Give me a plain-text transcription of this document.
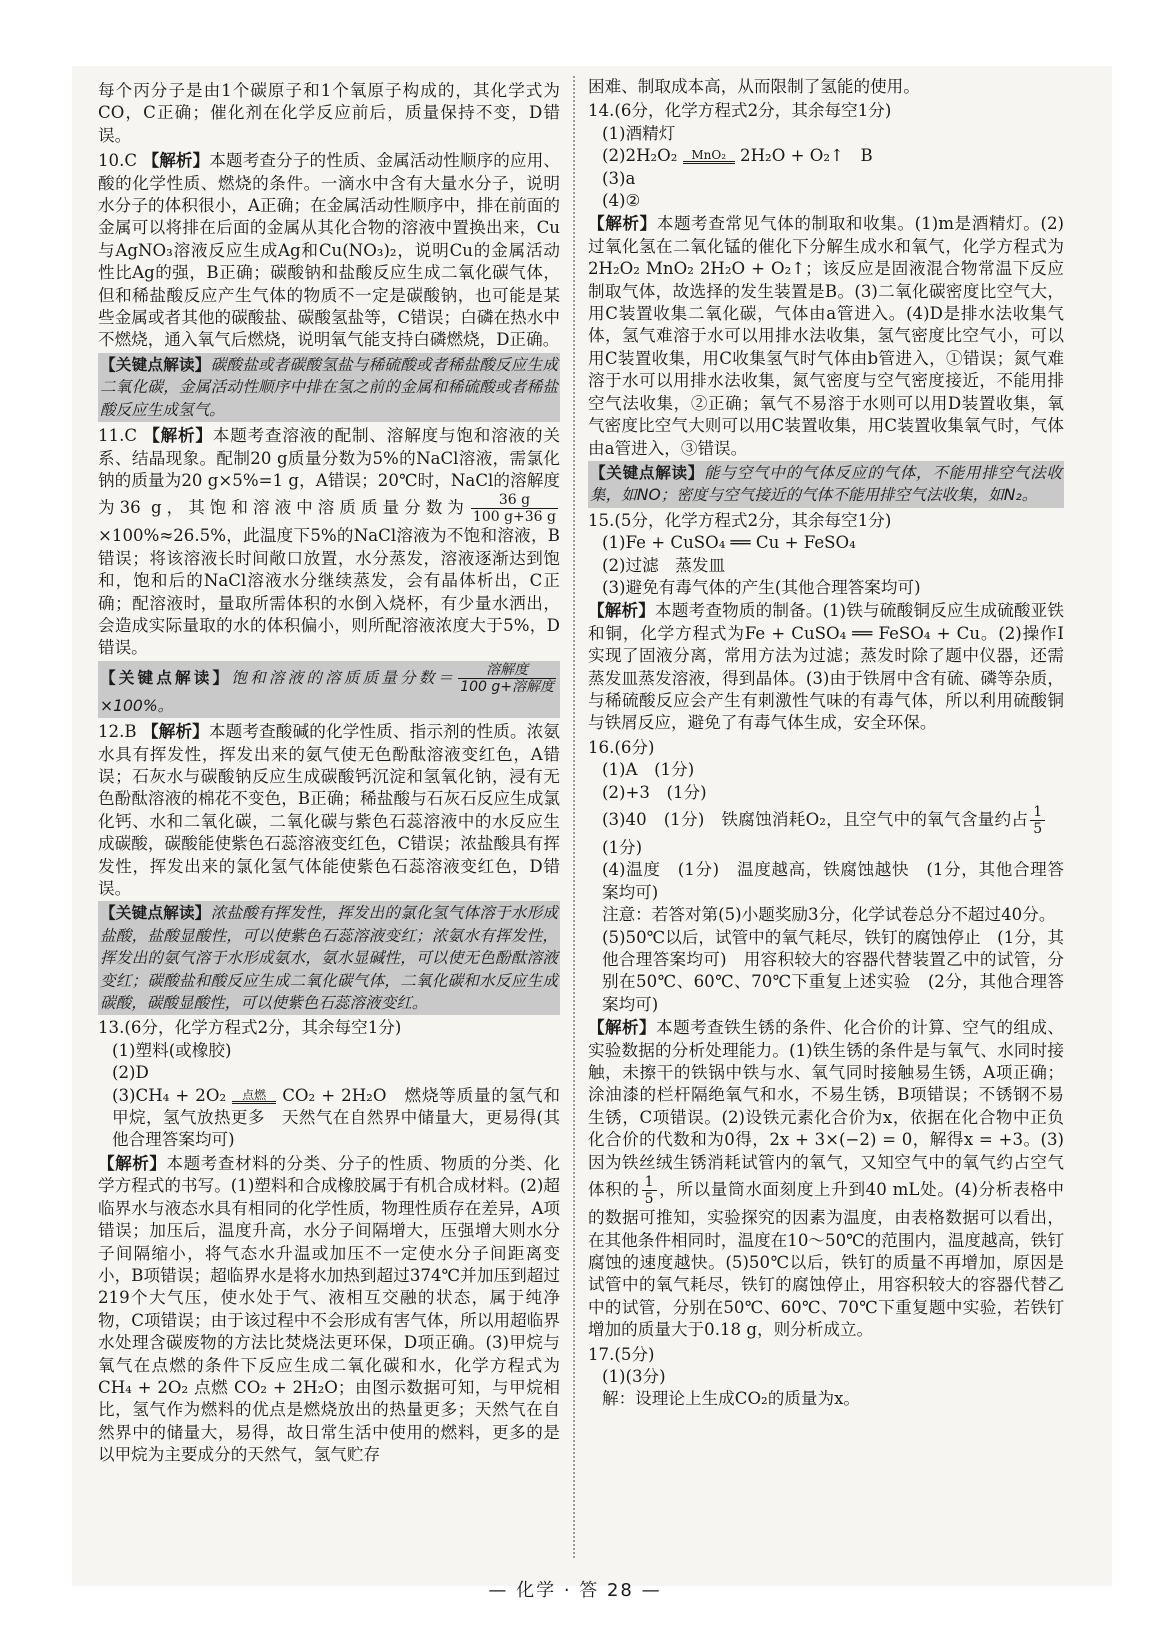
每个丙分子是由1个碳原子和1个氧原子构成的，其化学式为CO，C正确；催化剂在化学反应前后，质量保持不变，D错误。
10.C 【解析】本题考查分子的性质、金属活动性顺序的应用、酸的化学性质、燃烧的条件。一滴水中含有大量水分子，说明水分子的体积很小，A正确；在金属活动性顺序中，排在前面的金属可以将排在后面的金属从其化合物的溶液中置换出来，Cu与AgNO₃溶液反应生成Ag和Cu(NO₃)₂，说明Cu的金属活动性比Ag的强，B正确；碳酸钠和盐酸反应生成二氧化碳气体，但和稀盐酸反应产生气体的物质不一定是碳酸钠，也可能是某些金属或者其他的碳酸盐、碳酸氢盐等，C错误；白磷在热水中不燃烧，通入氧气后燃烧，说明氧气能支持白磷燃烧，D正确。
【关键点解读】碳酸盐或者碳酸氢盐与稀硫酸或者稀盐酸反应生成二氧化碳，金属活动性顺序中排在氢之前的金属和稀硫酸或者稀盐酸反应生成氢气。
11.C 【解析】本题考查溶液的配制、溶解度与饱和溶液的关系、结晶现象。配制20 g质量分数为5%的NaCl溶液，需氯化钠的质量为20 g×5%=1 g，A错误；20℃时，NaCl的溶解度为36 g，其饱和溶液中溶质质量分数为 $\frac{36 g}{100 g+36 g}$
×100%≈26.5%，此温度下5%的NaCl溶液为不饱和溶液，B错误；将该溶液长时间敞口放置，水分蒸发，溶液逐渐达到饱和，饱和后的NaCl溶液水分继续蒸发，会有晶体析出，C正确；配溶液时，量取所需体积的水倒入烧杯，有少量水洒出，会造成实际量取的水的体积偏小，则所配溶液浓度大于5%，D错误。
【关键点解读】饱和溶液的溶质质量分数＝	溶解度
100 g+溶解度
×100%。
12.B 【解析】本题考查酸碱的化学性质、指示剂的性质。浓氨水具有挥发性，挥发出来的氨气使无色酚酞溶液变红色，A错误；石灰水与碳酸钠反应生成碳酸钙沉淀和氢氧化钠，浸有无色酚酞溶液的棉花不变色，B正确；稀盐酸与石灰石反应生成氯化钙、水和二氧化碳，二氧化碳与紫色石蕊溶液中的水反应生成碳酸，碳酸能使紫色石蕊溶液变红色，C错误；浓盐酸具有挥发性，挥发出来的氯化氢气体能使紫色石蕊溶液变红色，D错误。
【关键点解读】浓盐酸有挥发性，挥发出的氯化氢气体溶于水形成盐酸，盐酸显酸性，可以使紫色石蕊溶液变红；浓氨水有挥发性，挥发出的氨气溶于水形成氨水，氨水显碱性，可以使无色酚酞溶液变红；碳酸盐和酸反应生成二氧化碳气体，二氧化碳和水反应生成碳酸，碳酸显酸性，可以使紫色石蕊溶液变红。
13.(6分，化学方程式2分，其余每空1分)
(1)塑料(或橡胶)
(2)D
(3)CH₄ + 2O₂	点燃 CO₂ + 2H₂O　燃烧等质量的氢气和甲烷，氢气放热更多　天然气在自然界中储量大，更易得(其他合理答案均可)
【解析】本题考查材料的分类、分子的性质、物质的分类、化学方程式的书写。(1)塑料和合成橡胶属于有机合成材料。(2)超临界水与液态水具有相同的化学性质，物理性质存在差异，A项错误；加压后，温度升高，水分子间隔增大，压强增大则水分子间隔缩小，将气态水升温或加压不一定使水分子间距离变小，B项错误；超临界水是将水加热到超过374℃并加压到超过219个大气压，使水处于气、液相互交融的状态，属于纯净物，C项错误；由于该过程中不会形成有害气体，所以用超临界水处理含碳废物的方法比焚烧法更环保，D项正确。(3)甲烷与氧气在点燃的条件下反应生成二氧化碳和水，化学方程式为CH₄ + 2O₂ 点燃 CO₂ + 2H₂O；由图示数据可知，与甲烷相比，氢气作为燃料的优点是燃烧放出的热量更多；天然气在自然界中的储量大，易得，故日常生活中使用的燃料，更多的是以甲烷为主要成分的天然气，氢气贮存
困难、制取成本高，从而限制了氢能的使用。
14.(6分，化学方程式2分，其余每空1分)
(1)酒精灯
(2)2H₂O₂	MnO₂ 2H₂O + O₂↑　B
(3)a
(4)②
【解析】本题考查常见气体的制取和收集。(1)m是酒精灯。(2)过氧化氢在二氧化锰的催化下分解生成水和氧气，化学方程式为2H₂O₂ MnO₂ 2H₂O + O₂↑；该反应是固液混合物常温下反应制取气体，故选择的发生装置是B。(3)二氧化碳密度比空气大，用C装置收集二氧化碳，气体由a管进入。(4)D是排水法收集气体，氢气难溶于水可以用排水法收集，氢气密度比空气小，可以用C装置收集，用C收集氢气时气体由b管进入，①错误；氮气难溶于水可以用排水法收集，氮气密度与空气密度接近，不能用排空气法收集，②正确；氧气不易溶于水则可以用D装置收集，氧气密度比空气大则可以用C装置收集，用C装置收集氧气时，气体由a管进入，③错误。
【关键点解读】能与空气中的气体反应的气体，不能用排空气法收集，如NO；密度与空气接近的气体不能用排空气法收集，如N₂。
15.(5分，化学方程式2分，其余每空1分)
(1)Fe + CuSO₄ ══ Cu + FeSO₄
(2)过滤　蒸发皿
(3)避免有毒气体的产生(其他合理答案均可)
【解析】本题考查物质的制备。(1)铁与硫酸铜反应生成硫酸亚铁和铜，化学方程式为Fe + CuSO₄ ══ FeSO₄ + Cu。(2)操作Ⅰ实现了固液分离，常用方法为过滤；蒸发时除了题中仪器，还需蒸发皿蒸发溶液，得到晶体。(3)由于铁屑中含有硫、磷等杂质，与稀硫酸反应会产生有刺激性气味的有毒气体，所以利用硫酸铜与铁屑反应，避免了有毒气体生成，安全环保。
16.(6分)
(1)A　(1分)
(2)+3　(1分)
(3)40　(1分)　铁腐蚀消耗O₂，且空气中的氧气含量约占 $\frac{1}{5}$ 　(1分)
(4)温度　(1分)　温度越高，铁腐蚀越快　(1分，其他合理答案均可)
注意：若答对第(5)小题奖励3分，化学试卷总分不超过40分。
(5)50℃以后，试管中的氧气耗尽，铁钉的腐蚀停止　(1分，其他合理答案均可)　用容积较大的容器代替装置乙中的试管，分别在50℃、60℃、70℃下重复上述实验　(2分，其他合理答案均可)
【解析】本题考查铁生锈的条件、化合价的计算、空气的组成、实验数据的分析处理能力。(1)铁生锈的条件是与氧气、水同时接触，未擦干的铁锅中铁与水、氧气同时接触易生锈，A项正确；涂油漆的栏杆隔绝氧气和水，不易生锈，B项错误；不锈钢不易生锈，C项错误。(2)设铁元素化合价为x，依据在化合物中正负化合价的代数和为0得，2x + 3×(−2) = 0，解得x = +3。(3)因为铁丝绒生锈消耗试管内的氧气，又知空气中的氧气约占空气体积的 $\frac{1}{5}$ ，所以量筒水面刻度上升到40 mL处。(4)分析表格中的数据可推知，实验探究的因素为温度，由表格数据可以看出，在其他条件相同时，温度在10～50℃的范围内，温度越高，铁钉腐蚀的速度越快。(5)50℃以后，铁钉的质量不再增加，原因是试管中的氧气耗尽，铁钉的腐蚀停止，用容积较大的容器代替乙中的试管，分别在50℃、60℃、70℃下重复题中实验，若铁钉增加的质量大于0.18 g，则分析成立。
17.(5分)
(1)(3分)
解：设理论上生成CO₂的质量为x。
— 化学 · 答 28 —
